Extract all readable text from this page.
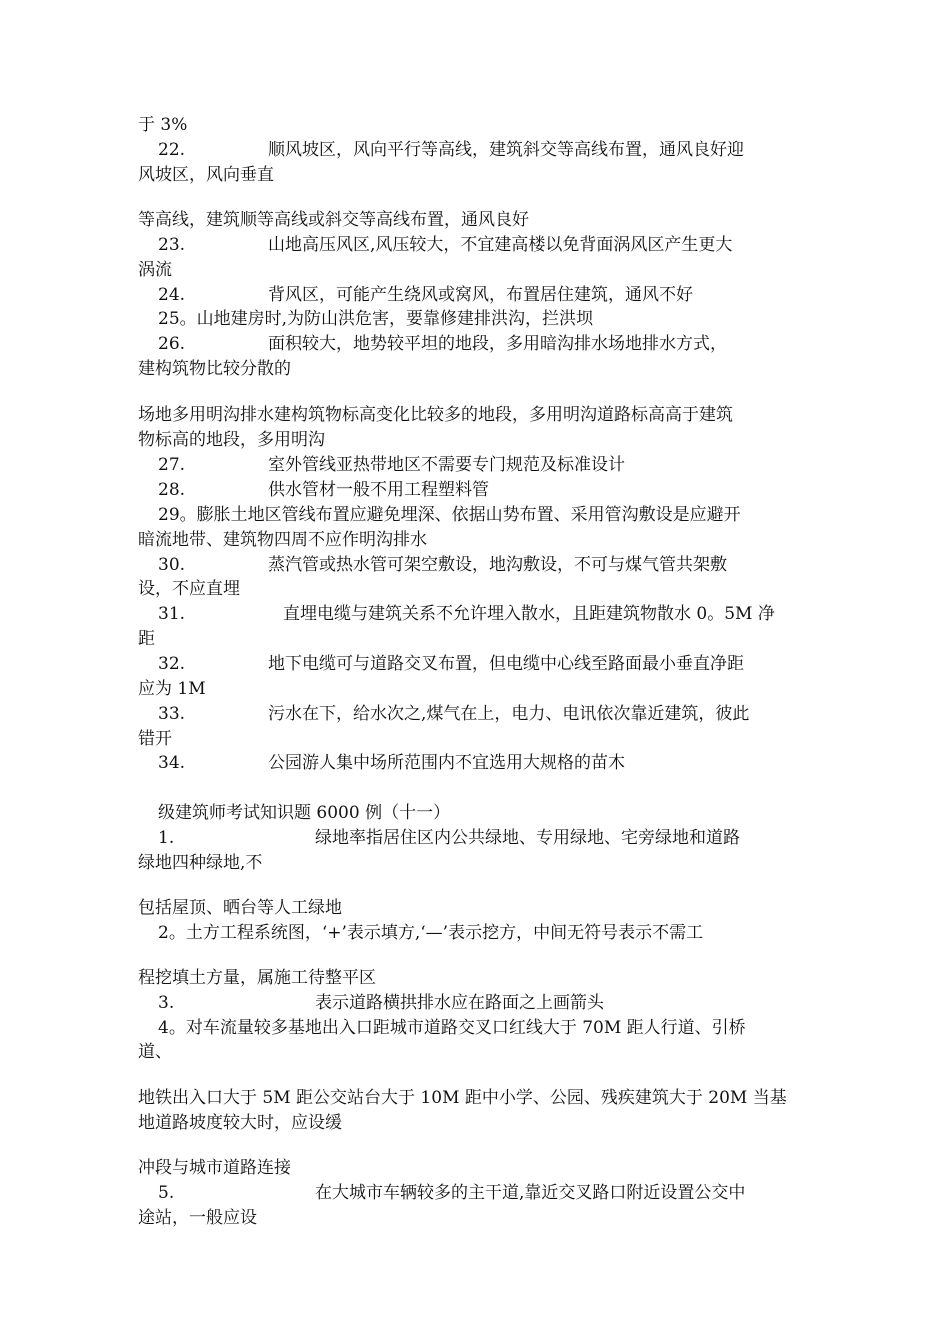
于 3%
22.	顺风坡区，风向平行等高线，建筑斜交等高线布置，通风良好迎
风坡区，风向垂直
等高线，建筑顺等高线或斜交等高线布置，通风良好
23.	山地高压风区,风压较大，不宜建高楼以免背面涡风区产生更大
涡流
24.	背风区，可能产生绕风或窝风，布置居住建筑，通风不好
25。山地建房时,为防山洪危害，要靠修建排洪沟，拦洪坝
26.	面积较大，地势较平坦的地段，多用暗沟排水场地排水方式，
建构筑物比较分散的
场地多用明沟排水建构筑物标高变化比较多的地段，多用明沟道路标高高于建筑
物标高的地段，多用明沟
27.	室外管线亚热带地区不需要专门规范及标准设计
28.	供水管材一般不用工程塑料管
29。膨胀土地区管线布置应避免埋深、依据山势布置、采用管沟敷设是应避开
暗流地带、建筑物四周不应作明沟排水
30.	蒸汽管或热水管可架空敷设，地沟敷设，不可与煤气管共架敷
设，不应直埋
31.	直埋电缆与建筑关系不允许埋入散水，且距建筑物散水 0。5M 净
距
32.	地下电缆可与道路交叉布置，但电缆中心线至路面最小垂直净距
应为 1M
33.	污水在下，给水次之,煤气在上，电力、电讯依次靠近建筑，彼此
错开
34.	公园游人集中场所范围内不宜选用大规格的苗木
级建筑师考试知识题 6000 例（十一）
1.	绿地率指居住区内公共绿地、专用绿地、宅旁绿地和道路
绿地四种绿地,不
包括屋顶、晒台等人工绿地
2。土方工程系统图，‘+’表示填方,‘—’表示挖方，中间无符号表示不需工
程挖填土方量，属施工待整平区
3.	表示道路横拱排水应在路面之上画箭头
4。对车流量较多基地出入口距城市道路交叉口红线大于 70M 距人行道、引桥
道、
地铁出入口大于 5M 距公交站台大于 10M 距中小学、公园、残疾建筑大于 20M 当基
地道路坡度较大时，应设缓
冲段与城市道路连接
5.	在大城市车辆较多的主干道,靠近交叉路口附近设置公交中
途站，一般应设
